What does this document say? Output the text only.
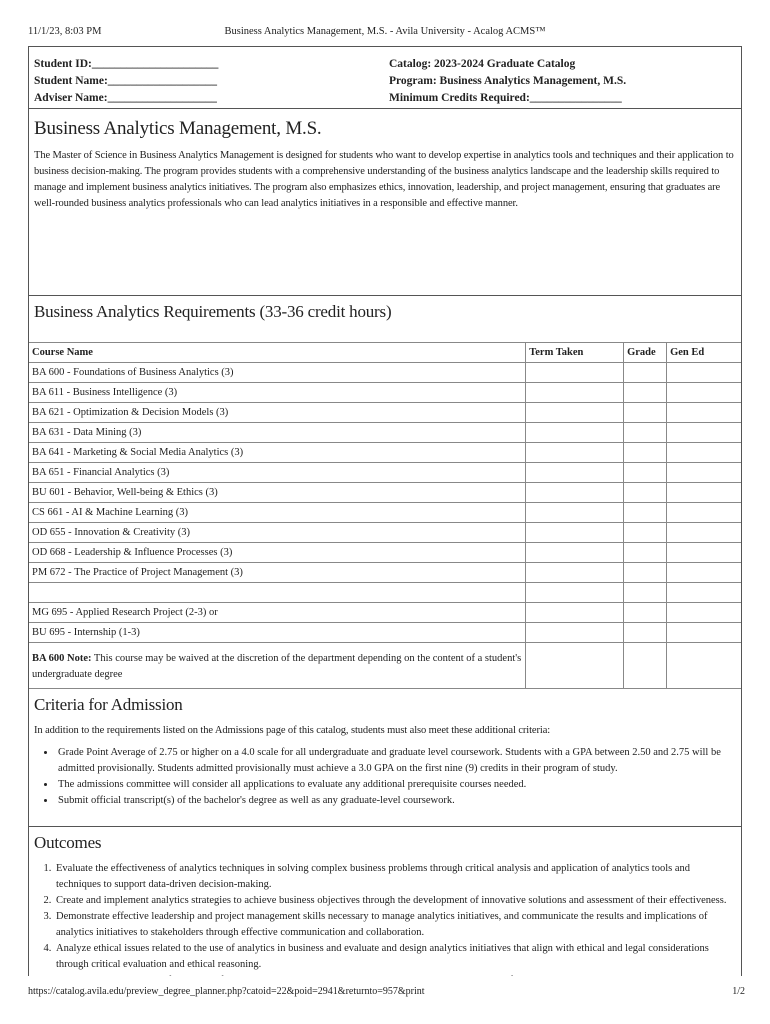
11/1/23, 8:03 PM	Business Analytics Management, M.S. - Avila University - Acalog ACMS™
Student ID:______________________
Student Name:___________________
Adviser Name:___________________
Catalog: 2023-2024 Graduate Catalog
Program: Business Analytics Management, M.S.
Minimum Credits Required:________________
Business Analytics Management, M.S.

The Master of Science in Business Analytics Management is designed for students who want to develop expertise in analytics tools and techniques and their application to business decision-making. The program provides students with a comprehensive understanding of the business analytics landscape and the leadership skills required to manage and implement business analytics initiatives. The program also emphasizes ethics, innovation, leadership, and project management, ensuring that graduates are well-rounded business analytics professionals who can lead analytics initiatives in a responsible and effective manner.

Business Analytics Requirements (33-36 credit hours)
Course Name	Term Taken	Grade	Gen Ed
BA 600 - Foundations of Business Analytics (3)			
BA 611 - Business Intelligence (3)			
BA 621 - Optimization & Decision Models (3)			
BA 631 - Data Mining (3)			
BA 641 - Marketing & Social Media Analytics (3)			
BA 651 - Financial Analytics (3)			
BU 601 - Behavior, Well-being & Ethics (3)			
CS 661 - AI & Machine Learning (3)			
OD 655 - Innovation & Creativity (3)			
OD 668 - Leadership & Influence Processes (3)			
PM 672 - The Practice of Project Management (3)			

MG 695 - Applied Research Project (2-3) or			
BU 695 - Internship (1-3)			
BA 600 Note: This course may be waived at the discretion of the department depending on the content of a student's undergraduate degree			
Criteria for Admission

In addition to the requirements listed on the Admissions page of this catalog, students must also meet these additional criteria:

• Grade Point Average of 2.75 or higher on a 4.0 scale for all undergraduate and graduate level coursework. Students with a GPA between 2.50 and 2.75 will be admitted provisionally. Students admitted provisionally must achieve a 3.0 GPA on the first nine (9) credits in their program of study.
• The admissions committee will consider all applications to evaluate any additional prerequisite courses needed.
• Submit official transcript(s) of the bachelor's degree as well as any graduate-level coursework.
Outcomes
1. Evaluate the effectiveness of analytics techniques in solving complex business problems through critical analysis and application of analytics tools and techniques to support data-driven decision-making.
2. Create and implement analytics strategies to achieve business objectives through the development of innovative solutions and assessment of their effectiveness.
3. Demonstrate effective leadership and project management skills necessary to manage analytics initiatives, and communicate the results and implications of analytics initiatives to stakeholders through effective communication and collaboration.
4. Analyze ethical issues related to the use of analytics in business and evaluate and design analytics initiatives that align with ethical and legal considerations through critical evaluation and ethical reasoning.
5.
https://catalog.avila.edu/preview_degree_planner.php?catoid=22&poid=2941&returnto=957&print	1/2
